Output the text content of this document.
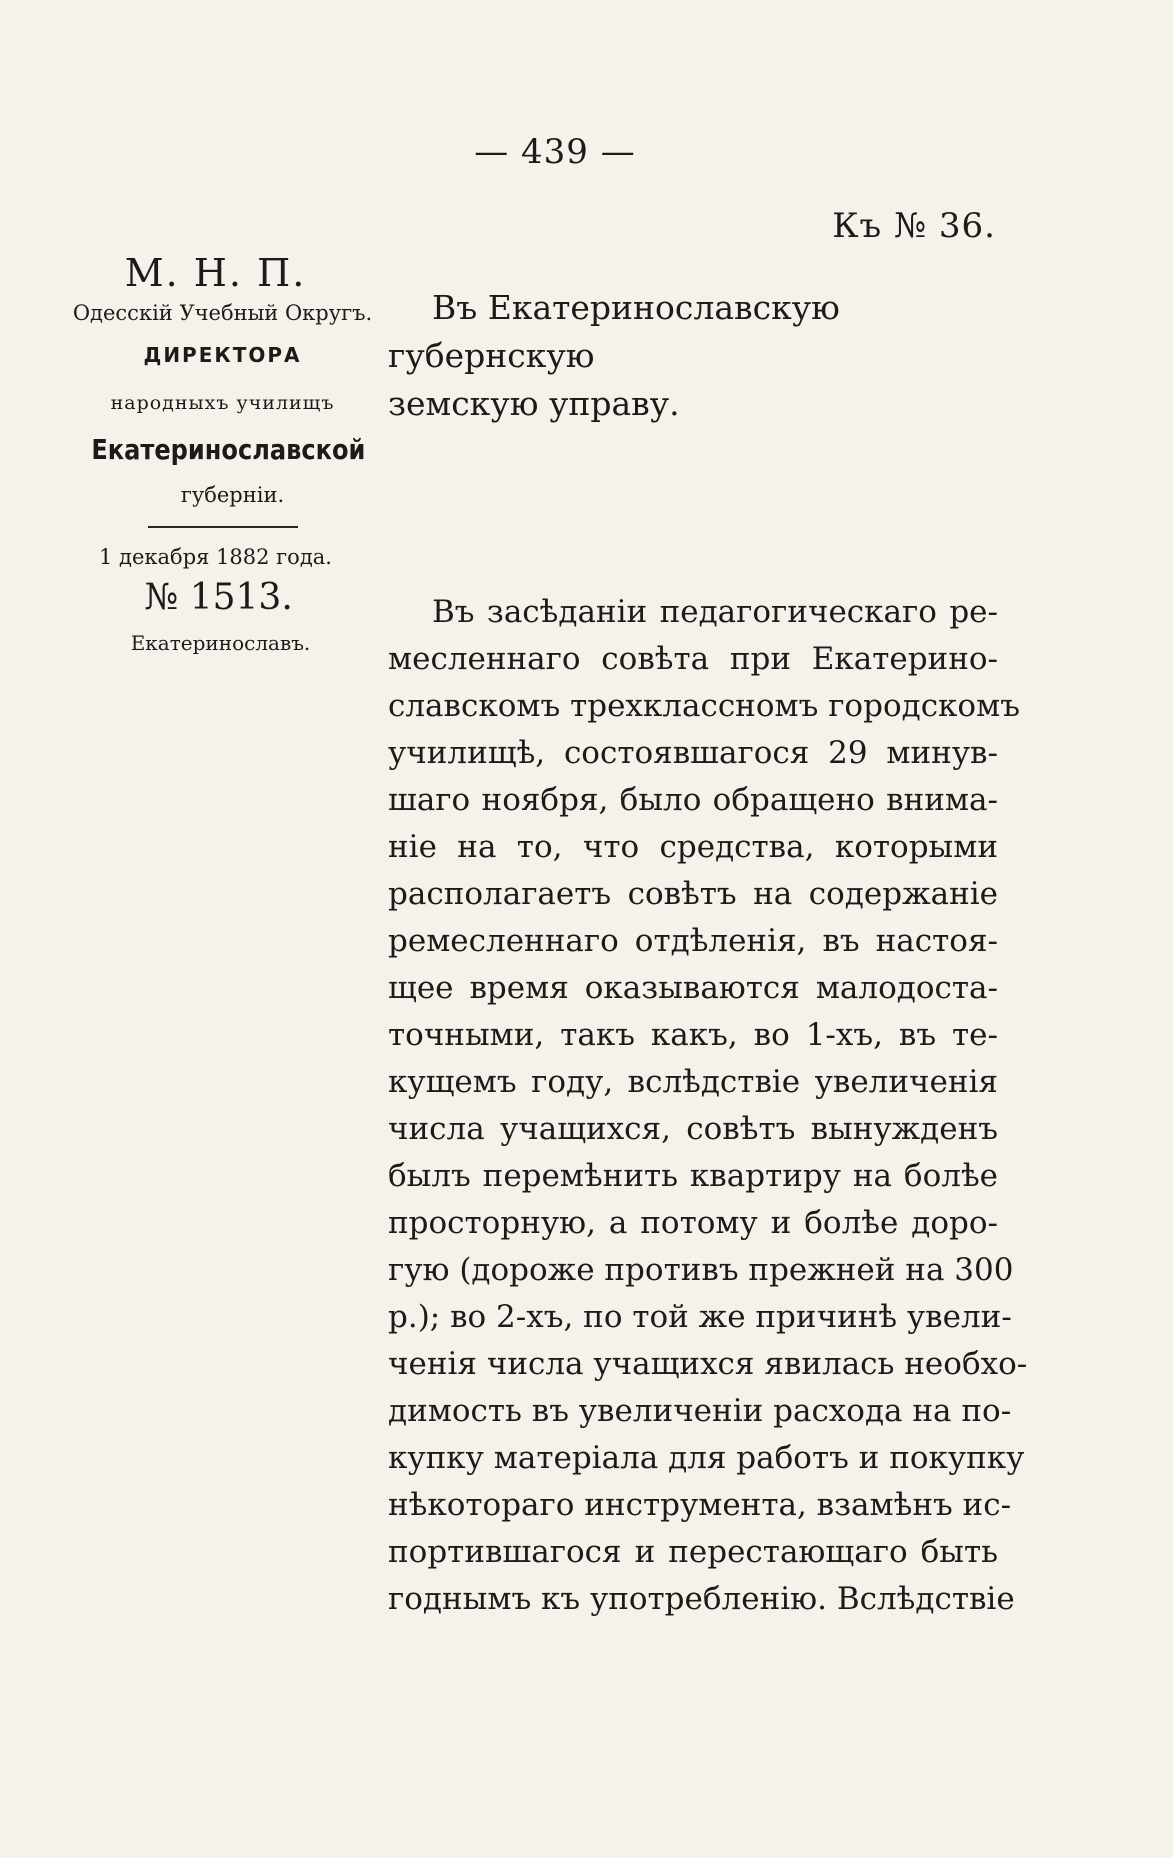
— 439 —
Къ № 36.
М. Н. П.
Одесскій Учебный Округъ.
ДИРЕКТОРА
народныхъ училищъ
Екатеринославской
губерніи.
1 декабря 1882 года.
№ 1513.
Екатеринославъ.
Въ Екатеринославскую губернскую
земскую управу.
Въ засѣданіи педагогическаго ре-
месленнаго совѣта при Екатерино-
славскомъ трехклассномъ городскомъ
училищѣ, состоявшагося 29 минув-
шаго ноября, было обращено внима-
ніе на то, что средства, которыми
располагаетъ совѣтъ на содержаніе
ремесленнаго отдѣленія, въ настоя-
щее время оказываются малодоста-
точными, такъ какъ, во 1-хъ, въ те-
кущемъ году, вслѣдствіе увеличенія
числа учащихся, совѣтъ вынужденъ
былъ перемѣнить квартиру на болѣе
просторную, а потому и болѣе доро-
гую (дороже противъ прежней на 300
р.); во 2-хъ, по той же причинѣ увели-
ченія числа учащихся явилась необхо-
димость въ увеличеніи расхода на по-
купку матеріала для работъ и покупку
нѣкотораго инструмента, взамѣнъ ис-
портившагося и перестающаго быть
годнымъ къ употребленію. Вслѣдствіе
